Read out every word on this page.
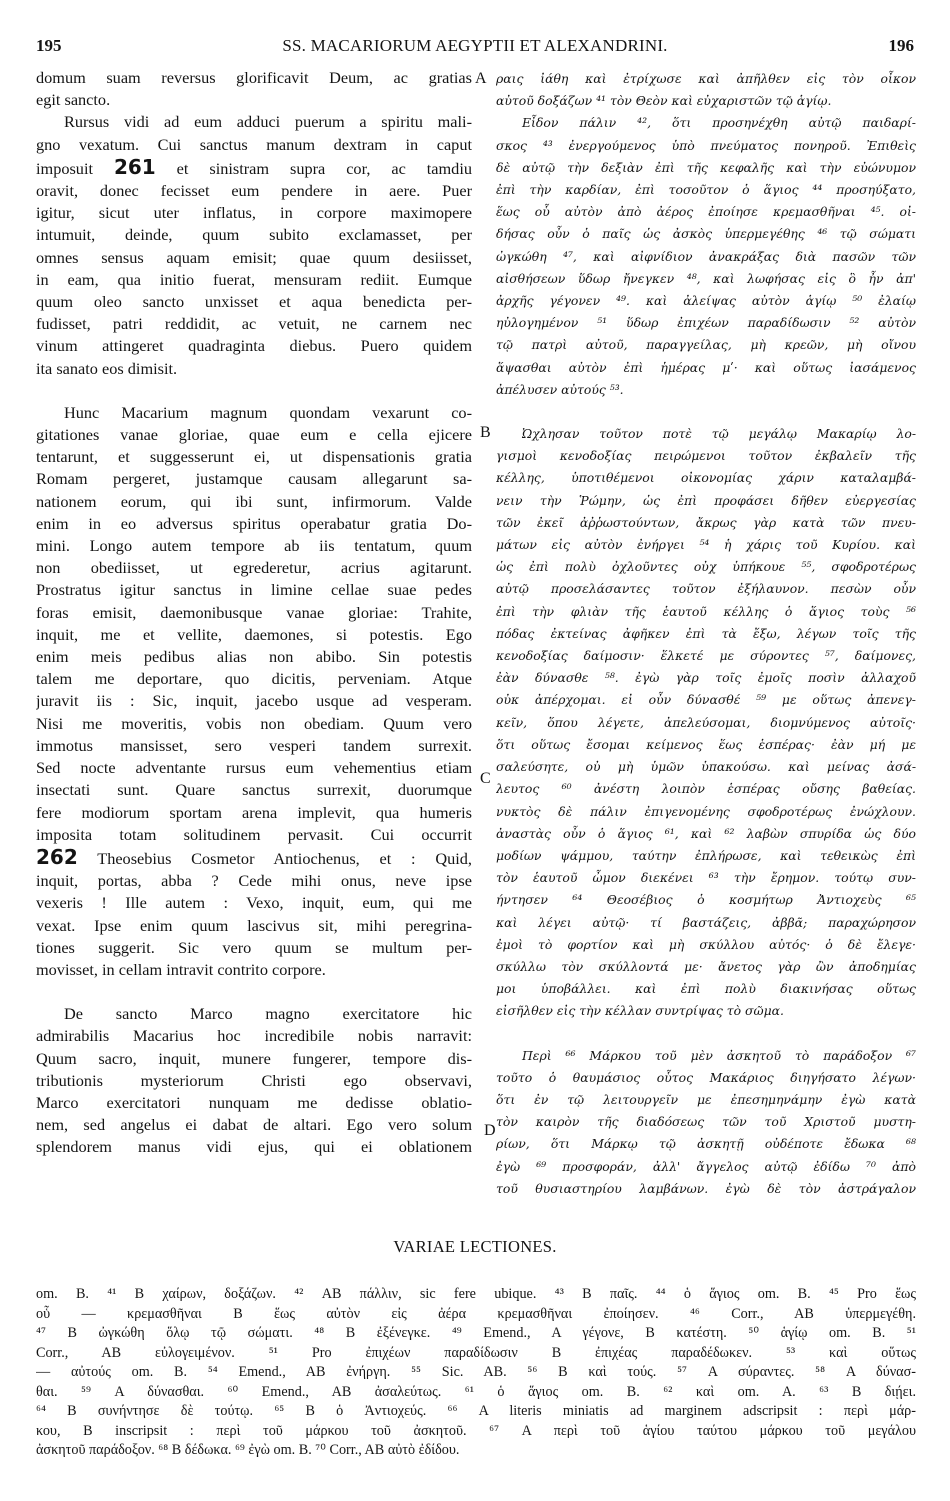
195	SS. MACARIORUM AEGYPTII ET ALEXANDRINI.	196
domum suam reversus glorificavit Deum, ac gratias
egit sancto.
Rursus vidi ad eum adduci puerum a spiritu mali-
gno vexatum. Cui sanctus manum dextram in caput
imposuit 261 et sinistram supra cor, ac tamdiu
oravit, donec fecisset eum pendere in aere. Puer
igitur, sicut uter inflatus, in corpore maximopere
intumuit, deinde, quum subito exclamasset, per
omnes sensus aquam emisit; quae quum desiisset,
in eam, qua initio fuerat, mensuram rediit. Eumque
quum oleo sancto unxisset et aqua benedicta per-
fudisset, patri reddidit, ac vetuit, ne carnem nec
vinum attingeret quadraginta diebus. Puero quidem
ita sanato eos dimisit.
Hunc Macarium magnum quondam vexarunt co-
gitationes vanae gloriae, quae eum e cella ejicere
tentarunt, et suggesserunt ei, ut dispensationis gratia
Romam pergeret, justamque causam allegarunt sa-
nationem eorum, qui ibi sunt, infirmorum. Valde
enim in eo adversus spiritus operabatur gratia Do-
mini. Longo autem tempore ab iis tentatum, quum
non obediisset, ut egrederetur, acrius agitarunt.
Prostratus igitur sanctus in limine cellae suae pedes
foras emisit, daemonibusque vanae gloriae: Trahite,
inquit, me et vellite, daemones, si potestis. Ego
enim meis pedibus alias non abibo. Sin potestis
talem me deportare, quo dicitis, perveniam. Atque
juravit iis : Sic, inquit, jacebo usque ad vesperam.
Nisi me moveritis, vobis non obediam. Quum vero
immotus mansisset, sero vesperi tandem surrexit.
Sed nocte adventante rursus eum vehementius etiam
insectati sunt. Quare sanctus surrexit, duorumque
fere modiorum sportam arena implevit, qua humeris
imposita totam solitudinem pervasit. Cui occurrit
262 Theosebius Cosmetor Antiochenus, et : Quid,
inquit, portas, abba ? Cede mihi onus, neve ipse
vexeris ! Ille autem : Vexo, inquit, eum, qui me
vexat. Ipse enim quum lascivus sit, mihi peregrina-
tiones suggerit. Sic vero quum se multum per-
movisset, in cellam intravit contrito corpore.
De sancto Marco magno exercitatore hic
admirabilis Macarius hoc incredibile nobis narravit:
Quum sacro, inquit, munere fungerer, tempore dis-
tributionis mysteriorum Christi ego observavi,
Marco exercitatori nunquam me dedisse oblatio-
nem, sed angelus ei dabat de altari. Ego vero solum
splendorem manus vidi ejus, qui ei oblationem
A
B
C
D
ραις ἰάθη καὶ ἐτρίχωσε καὶ ἀπῆλθεν εἰς τὸν οἶκον
αὐτοῦ δοξάζων ⁴¹ τὸν Θεὸν καὶ εὐχαριστῶν τῷ ἁγίῳ.
Εἶδον πάλιν ⁴², ὅτι προσηνέχθη αὐτῷ παιδαρί-
σκος ⁴³ ἐνεργούμενος ὑπὸ πνεύματος πονηροῦ. Ἐπιθεὶς
δὲ αὐτῷ τὴν δεξιὰν ἐπὶ τῆς κεφαλῆς καὶ τὴν εὐώνυμον
ἐπὶ τὴν καρδίαν, ἐπὶ τοσοῦτον ὁ ἅγιος ⁴⁴ προσηύξατο,
ἕως οὗ αὐτὸν ἀπὸ ἀέρος ἐποίησε κρεμασθῆναι ⁴⁵. οἰ-
δήσας οὖν ὁ παῖς ὡς ἀσκὸς ὑπερμεγέθης ⁴⁶ τῷ σώματι
ὠγκώθη ⁴⁷, καὶ αἰφνίδιον ἀνακράξας διὰ πασῶν τῶν
αἰσθήσεων ὕδωρ ἤνεγκεν ⁴⁸, καὶ λωφήσας εἰς ὃ ἦν ἀπ'
ἀρχῆς γέγονεν ⁴⁹. καὶ ἀλείψας αὐτὸν ἁγίῳ ⁵⁰ ἐλαίῳ
ηὐλογημένον ⁵¹ ὕδωρ ἐπιχέων παραδίδωσιν ⁵² αὐτὸν
τῷ πατρὶ αὐτοῦ, παραγγείλας, μὴ κρεῶν, μὴ οἴνου
ἅψασθαι αὐτὸν ἐπὶ ἡμέρας μʹ· καὶ οὕτως ἰασάμενος
ἀπέλυσεν αὐτούς ⁵³.
Ὠχλησαν τοῦτον ποτὲ τῷ μεγάλῳ Μακαρίῳ λο-
γισμοὶ κενοδοξίας πειρώμενοι τοῦτον ἐκβαλεῖν τῆς
κέλλης, ὑποτιθέμενοι οἰκονομίας χάριν καταλαμβά-
νειν τὴν Ῥώμην, ὡς ἐπὶ προφάσει δῆθεν εὐεργεσίας
τῶν ἐκεῖ ἀῤῥωστούντων, ἄκρως γὰρ κατὰ τῶν πνευ-
μάτων εἰς αὐτὸν ἐνήργει ⁵⁴ ἡ χάρις τοῦ Κυρίου. καὶ
ὡς ἐπὶ πολὺ ὀχλοῦντες οὐχ ὑπήκουε ⁵⁵, σφοδροτέρως
αὐτῷ προσελάσαντες τοῦτον ἐξήλαυνον. πεσὼν οὖν
ἐπὶ τὴν φλιὰν τῆς ἑαυτοῦ κέλλης ὁ ἅγιος τοὺς ⁵⁶
πόδας ἐκτείνας ἀφῆκεν ἐπὶ τὰ ἔξω, λέγων τοῖς τῆς
κενοδοξίας δαίμοσιν· ἕλκετέ με σύροντες ⁵⁷, δαίμονες,
ἐὰν δύνασθε ⁵⁸. ἐγὼ γὰρ τοῖς ἐμοῖς ποσὶν ἀλλαχοῦ
οὐκ ἀπέρχομαι. εἰ οὖν δύνασθέ ⁵⁹ με οὕτως ἀπενεγ-
κεῖν, ὅπου λέγετε, ἀπελεύσομαι, διομνύμενος αὐτοῖς·
ὅτι οὕτως ἔσομαι κείμενος ἕως ἑσπέρας· ἐὰν μή με
σαλεύσητε, οὐ μὴ ὑμῶν ὑπακούσω. καὶ μείνας ἀσά-
λευτος ⁶⁰ ἀνέστη λοιπὸν ἑσπέρας οὔσης βαθείας.
νυκτὸς δὲ πάλιν ἐπιγενομένης σφοδροτέρως ἐνώχλουν.
ἀναστὰς οὖν ὁ ἅγιος ⁶¹, καὶ ⁶² λαβὼν σπυρίδα ὡς δύο
μοδίων ψάμμου, ταύτην ἐπλήρωσε, καὶ τεθεικὼς ἐπὶ
τὸν ἑαυτοῦ ὦμον διεκένει ⁶³ τὴν ἔρημον. τούτῳ συν-
ήντησεν ⁶⁴ Θεοσέβιος ὁ κοσμήτωρ Ἀντιοχεὺς ⁶⁵
καὶ λέγει αὐτῷ· τί βαστάζεις, ἀββᾶ; παραχώρησον
ἐμοὶ τὸ φορτίον καὶ μὴ σκύλλου αὐτός· ὁ δὲ ἔλεγε·
σκύλλω τὸν σκύλλοντά με· ἄνετος γὰρ ὢν ἀποδημίας
μοι ὑποβάλλει. καὶ ἐπὶ πολὺ διακινήσας οὕτως
εἰσῆλθεν εἰς τὴν κέλλαν συντρίψας τὸ σῶμα.
Περὶ ⁶⁶ Μάρκου τοῦ μὲν ἀσκητοῦ τὸ παράδοξον ⁶⁷
τοῦτο ὁ θαυμάσιος οὗτος Μακάριος διηγήσατο λέγων·
ὅτι ἐν τῷ λειτουργεῖν με ἐπεσημηνάμην ἐγὼ κατὰ
τὸν καιρὸν τῆς διαδόσεως τῶν τοῦ Χριστοῦ μυστη-
ρίων, ὅτι Μάρκῳ τῷ ἀσκητῇ οὐδέποτε ἔδωκα ⁶⁸
ἐγὼ ⁶⁹ προσφοράν, ἀλλ' ἄγγελος αὐτῷ ἐδίδω ⁷⁰ ἀπὸ
τοῦ θυσιαστηρίου λαμβάνων. ἐγὼ δὲ τὸν ἀστράγαλον
VARIAE LECTIONES.
om. B. ⁴¹ B χαίρων, δοξάζων. ⁴² AB πάλλιν, sic fere ubique. ⁴³ B παῖς. ⁴⁴ ὁ ἅγιος om. B. ⁴⁵ Pro ἕως
οὗ — κρεμασθῆναι B ἕως αὐτὸν εἰς ἀέρα κρεμασθῆναι ἐποίησεν. ⁴⁶ Corr., AB ὑπερμεγέθη.
⁴⁷ B ὠγκώθη ὅλῳ τῷ σώματι. ⁴⁸ B ἐξένεγκε. ⁴⁹ Emend., A γέγονε, B κατέστη. ⁵⁰ ἁγίῳ om. B. ⁵¹
Corr., AB εὐλογειμένον. ⁵¹ Pro ἐπιχέων παραδίδωσιν B ἐπιχέας παραδέδωκεν. ⁵³ καὶ οὕτως
— αὐτούς om. B. ⁵⁴ Emend., AB ἐνήργη. ⁵⁵ Sic. AB. ⁵⁶ B καὶ τούς. ⁵⁷ A σύραντες. ⁵⁸ A δύνασ-
θαι. ⁵⁹ A δύνασθαι. ⁶⁰ Emend., AB ἀσαλεύτως. ⁶¹ ὁ ἅγιος om. B. ⁶² καὶ om. A. ⁶³ B διῄει.
⁶⁴ B συνήντησε δὲ τούτῳ. ⁶⁵ B ὁ Ἀντιοχεύς. ⁶⁶ A literis miniatis ad marginem adscripsit : περὶ μάρ-
κου, B inscripsit : περὶ τοῦ μάρκου τοῦ ἀσκητοῦ. ⁶⁷ A περὶ τοῦ ἁγίου ταύτου μάρκου τοῦ μεγάλου
ἀσκητοῦ παράδοξον. ⁶⁸ B δέδωκα. ⁶⁹ ἐγὼ om. B. ⁷⁰ Corr., AB αὐτὸ ἐδίδου.
